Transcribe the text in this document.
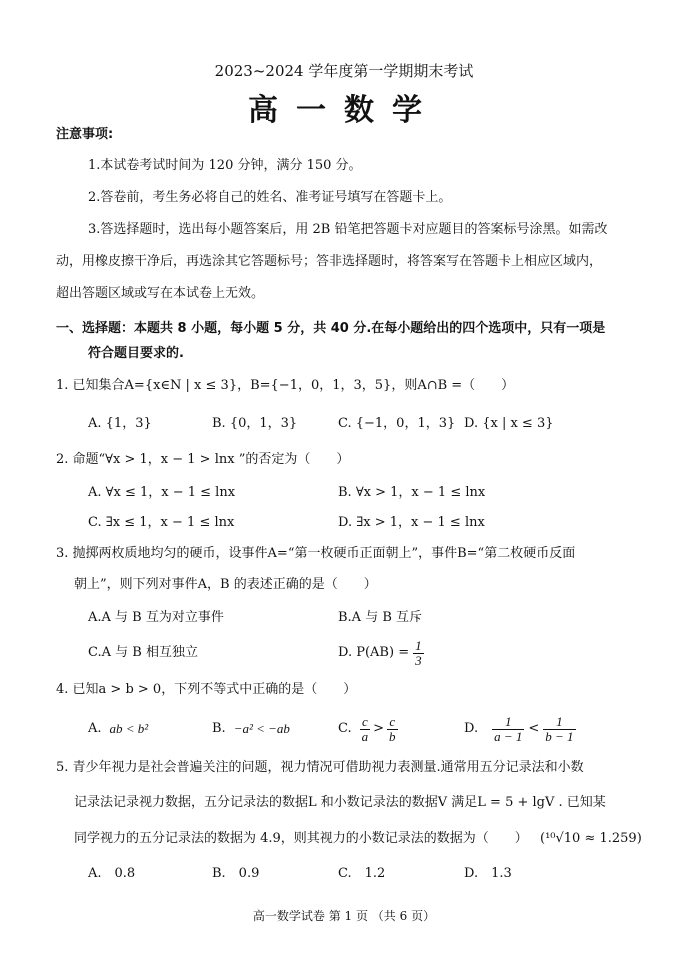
2023~2024 学年度第一学期期末考试
高一数学
注意事项:
1.本试卷考试时间为 120 分钟，满分 150 分。
2.答卷前，考生务必将自己的姓名、准考证号填写在答题卡上。
3.答选择题时，选出每小题答案后，用 2B 铅笔把答题卡对应题目的答案标号涂黑。如需改
动，用橡皮擦干净后，再选涂其它答题标号；答非选择题时，将答案写在答题卡上相应区域内，
超出答题区域或写在本试卷上无效。
一、选择题：本题共 8 小题，每小题 5 分，共 40 分.在每小题给出的四个选项中，只有一项是
符合题目要求的.
1. 已知集合A={x∈N | x ≤ 3}，B={−1，0，1，3，5}，则A∩B =（　　）
A. {1，3}	B. {0，1，3}	C. {−1，0，1，3} D. {x | x ≤ 3}
2. 命题“∀x > 1，x − 1 > lnx ”的否定为（　　）
A. ∀x ≤ 1，x − 1 ≤ lnx	B. ∀x > 1，x − 1 ≤ lnx
C. ∃x ≤ 1，x − 1 ≤ lnx	D. ∃x > 1，x − 1 ≤ lnx
3. 抛掷两枚质地均匀的硬币，设事件A=“第一枚硬币正面朝上”，事件B=“第二枚硬币反面
朝上”，则下列对事件A，B 的表述正确的是（　　）
A.A 与 B 互为对立事件	B.A 与 B 互斥
C.A 与 B 相互独立	D. $P(AB) = \frac{1}{3}$
4. 已知a > b > 0，下列不等式中正确的是（　　）
A. ab < b²	B. −a² < −ab	C. $\frac{c}{a} > \frac{c}{b}$	D. $\frac{1}{a - 1} < \frac{1}{b - 1}$
5. 青少年视力是社会普遍关注的问题，视力情况可借助视力表测量.通常用五分记录法和小数
记录法记录视力数据，五分记录法的数据L 和小数记录法的数据V 满足L = 5 + lgV . 已知某
同学视力的五分记录法的数据为 4.9，则其视力的小数记录法的数据为（　　） (¹⁰√10 ≈ 1.259)
A.　0.8	B.　0.9	C.　1.2	D.　1.3
高一数学试卷 第 1 页 （共 6 页）
